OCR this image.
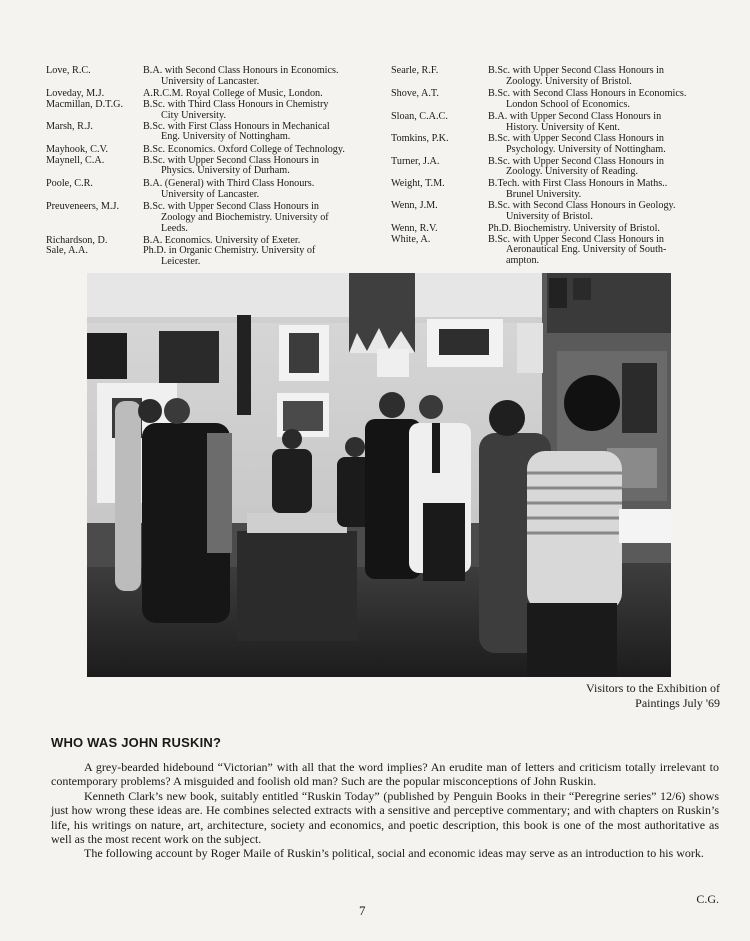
Love, R.C.	B.A. with Second Class Honours in Economics.
University of Lancaster.
Loveday, M.J.	A.R.C.M. Royal College of Music, London.
Macmillan, D.T.G.	B.Sc. with Third Class Honours in Chemistry
City University.
Marsh, R.J.	B.Sc. with First Class Honours in Mechanical
Eng. University of Nottingham.
Mayhook, C.V.	B.Sc. Economics. Oxford College of Technology.
Maynell, C.A.	B.Sc. with Upper Second Class Honours in
Physics. University of Durham.
Poole, C.R.	B.A. (General) with Third Class Honours.
University of Lancaster.
Preuveneers, M.J.	B.Sc. with Upper Second Class Honours in
Zoology and Biochemistry. University of
Leeds.
Richardson, D.	B.A. Economics. University of Exeter.
Sale, A.A.	Ph.D. in Organic Chemistry. University of
Leicester.
Searle, R.F.	B.Sc. with Upper Second Class Honours in
Zoology. University of Bristol.
Shove, A.T.	B.Sc. with Second Class Honours in Economics.
London School of Economics.
Sloan, C.A.C.	B.A. with Upper Second Class Honours in
History. University of Kent.
Tomkins, P.K.	B.Sc. with Upper Second Class Honours in
Psychology. University of Nottingham.
Turner, J.A.	B.Sc. with Upper Second Class Honours in
Zoology. University of Reading.
Weight, T.M.	B.Tech. with First Class Honours in Maths..
Brunel University.
Wenn, J.M.	B.Sc. with Second Class Honours in Geology.
University of Bristol.
Wenn, R.V.	Ph.D. Biochemistry. University of Bristol.
White, A.	B.Sc. with Upper Second Class Honours in
Aeronautical Eng. University of South-
ampton.
Visitors to the Exhibition of
Paintings July '69
WHO WAS JOHN RUSKIN?

A grey-bearded hidebound “Victorian” with all that the word implies? An erudite man of letters and criticism totally irrelevant to contemporary problems? A misguided and foolish old man? Such are the popular misconceptions of John Ruskin.

Kenneth Clark’s new book, suitably entitled “Ruskin Today” (published by Penguin Books in their “Peregrine series” 12/6) shows just how wrong these ideas are. He combines selected extracts with a sensitive and perceptive commentary; and with chapters on Ruskin’s life, his writings on nature, art, architecture, society and economics, and poetic description, this book is one of the most authoritative as well as the most recent work on the subject.

The following account by Roger Maile of Ruskin’s political, social and economic ideas may serve as an introduction to his work.

C.G.
7
